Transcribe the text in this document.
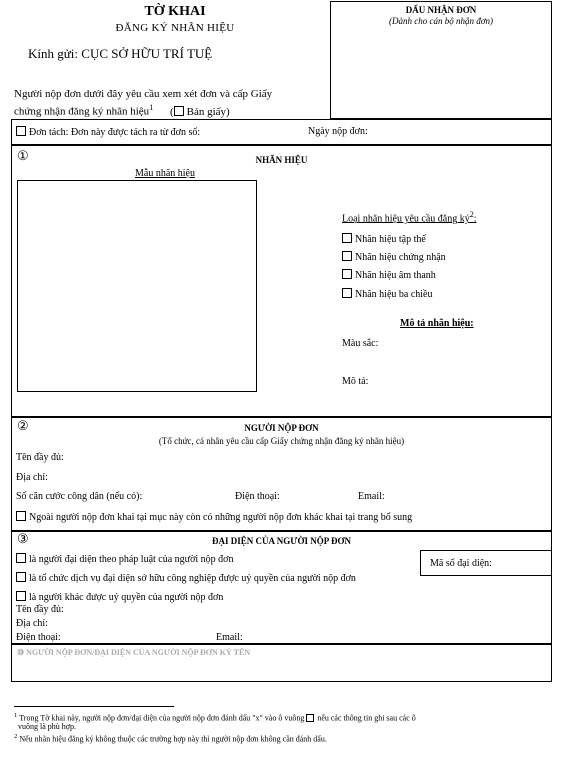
TỜ KHAI
ĐĂNG KÝ NHÃN HIỆU
Kính gửi: CỤC SỞ HỮU TRÍ TUỆ
Người nộp đơn dưới đây yêu cầu xem xét đơn và cấp Giấy
chứng nhận đăng ký nhãn hiệu$^1$ ( Bản giấy)
DẤU NHẬN ĐƠN
(Dành cho cán bộ nhận đơn)
Đơn tách: Đơn này được tách ra từ đơn số:	Ngày nộp đơn:
①	NHÃN HIỆU
Mẫu nhãn hiệu
Loại nhãn hiệu yêu cầu đăng $ký^2$:
Nhãn hiệu tập thể
Nhãn hiệu chứng nhận
Nhãn hiệu âm thanh
Nhãn hiệu ba chiều
Mô tả nhãn hiệu:
Màu sắc:
Mô tả:
②	NGƯỜI NỘP ĐƠN
(Tổ chức, cá nhân yêu cầu cấp Giấy chứng nhận đăng ký nhãn hiệu)
Tên đầy đủ:
Địa chỉ:
Số căn cước công dân (nếu có):	Điện thoại:	Email:
Ngoài người nộp đơn khai tại mục này còn có những người nộp đơn khác khai tại trang bổ sung
③	ĐẠI DIỆN CỦA NGƯỜI NỘP ĐƠN
là người đại diện theo pháp luật của người nộp đơn
là tổ chức dịch vụ đại diện sở hữu công nghiệp được uỷ quyền của người nộp đơn
là người khác được uỷ quyền của người nộp đơn
Mã số đại diện:
Tên đầy đủ:
Địa chỉ:
Điện thoại:	Email:
⑩ NGƯỜI NỘP ĐƠN/ĐẠI DIỆN CỦA NGƯỜI NỘP ĐƠN KÝ TÊN
$^1$ Trong Tờ khai này, người nộp đơn/đại diện của người nộp đơn đánh dấu "x" vào ô vuông nếu các thông tin ghi sau các ô
vuông là phù hợp.
$^2$ Nếu nhãn hiệu đăng ký không thuộc các trường hợp này thì người nộp đơn không cần đánh dấu.
